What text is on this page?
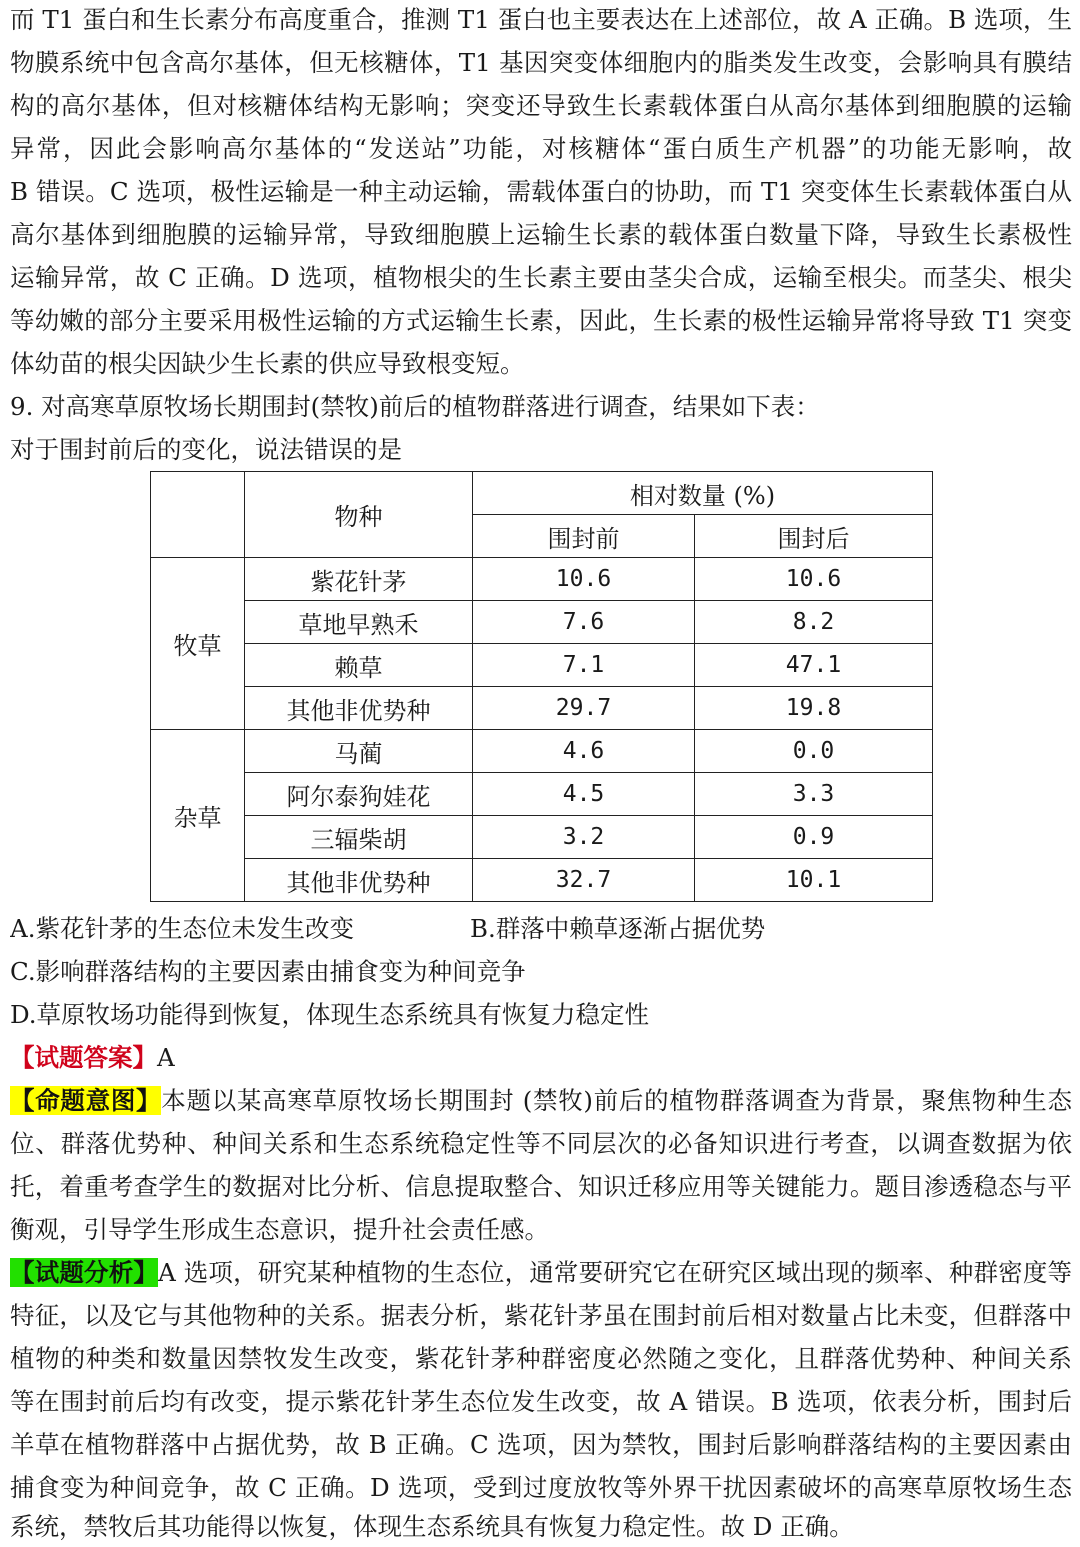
而 T1 蛋白和生长素分布高度重合，推测 T1 蛋白也主要表达在上述部位，故 A 正确。B 选项，生
物膜系统中包含高尔基体，但无核糖体，T1 基因突变体细胞内的脂类发生改变，会影响具有膜结
构的高尔基体，但对核糖体结构无影响；突变还导致生长素载体蛋白从高尔基体到细胞膜的运输
异常，因此会影响高尔基体的“发送站”功能，对核糖体“蛋白质生产机器”的功能无影响，故
B 错误。C 选项，极性运输是一种主动运输，需载体蛋白的协助，而 T1 突变体生长素载体蛋白从
高尔基体到细胞膜的运输异常，导致细胞膜上运输生长素的载体蛋白数量下降，导致生长素极性
运输异常，故 C 正确。D 选项，植物根尖的生长素主要由茎尖合成，运输至根尖。而茎尖、根尖
等幼嫩的部分主要采用极性运输的方式运输生长素，因此，生长素的极性运输异常将导致 T1 突变
体幼苗的根尖因缺少生长素的供应导致根变短。
9. 对高寒草原牧场长期围封(禁牧)前后的植物群落进行调查，结果如下表：
对于围封前后的变化，说法错误的是
	物种	相对数量 (%)	
		围封前	围封后
牧草	紫花针茅	10.6	10.6
	草地早熟禾	7.6	8.2
	赖草	7.1	47.1
	其他非优势种	29.7	19.8
杂草	马蔺	4.6	0.0
	阿尔泰狗娃花	4.5	3.3
	三辐柴胡	3.2	0.9
	其他非优势种	32.7	10.1
A.紫花针茅的生态位未发生改变	B.群落中赖草逐渐占据优势
C.影响群落结构的主要因素由捕食变为种间竞争
D.草原牧场功能得到恢复，体现生态系统具有恢复力稳定性
【试题答案】A
【命题意图】本题以某高寒草原牧场长期围封 (禁牧)前后的植物群落调查为背景，聚焦物种生态
位、群落优势种、种间关系和生态系统稳定性等不同层次的必备知识进行考查，以调查数据为依
托，着重考查学生的数据对比分析、信息提取整合、知识迁移应用等关键能力。题目渗透稳态与平
衡观，引导学生形成生态意识，提升社会责任感。
【试题分析】A 选项，研究某种植物的生态位，通常要研究它在研究区域出现的频率、种群密度等
特征，以及它与其他物种的关系。据表分析，紫花针茅虽在围封前后相对数量占比未变，但群落中
植物的种类和数量因禁牧发生改变，紫花针茅种群密度必然随之变化，且群落优势种、种间关系
等在围封前后均有改变，提示紫花针茅生态位发生改变，故 A 错误。B 选项，依表分析，围封后
羊草在植物群落中占据优势，故 B 正确。C 选项，因为禁牧，围封后影响群落结构的主要因素由
捕食变为种间竞争，故 C 正确。D 选项，受到过度放牧等外界干扰因素破坏的高寒草原牧场生态
系统，禁牧后其功能得以恢复，体现生态系统具有恢复力稳定性。故 D 正确。
